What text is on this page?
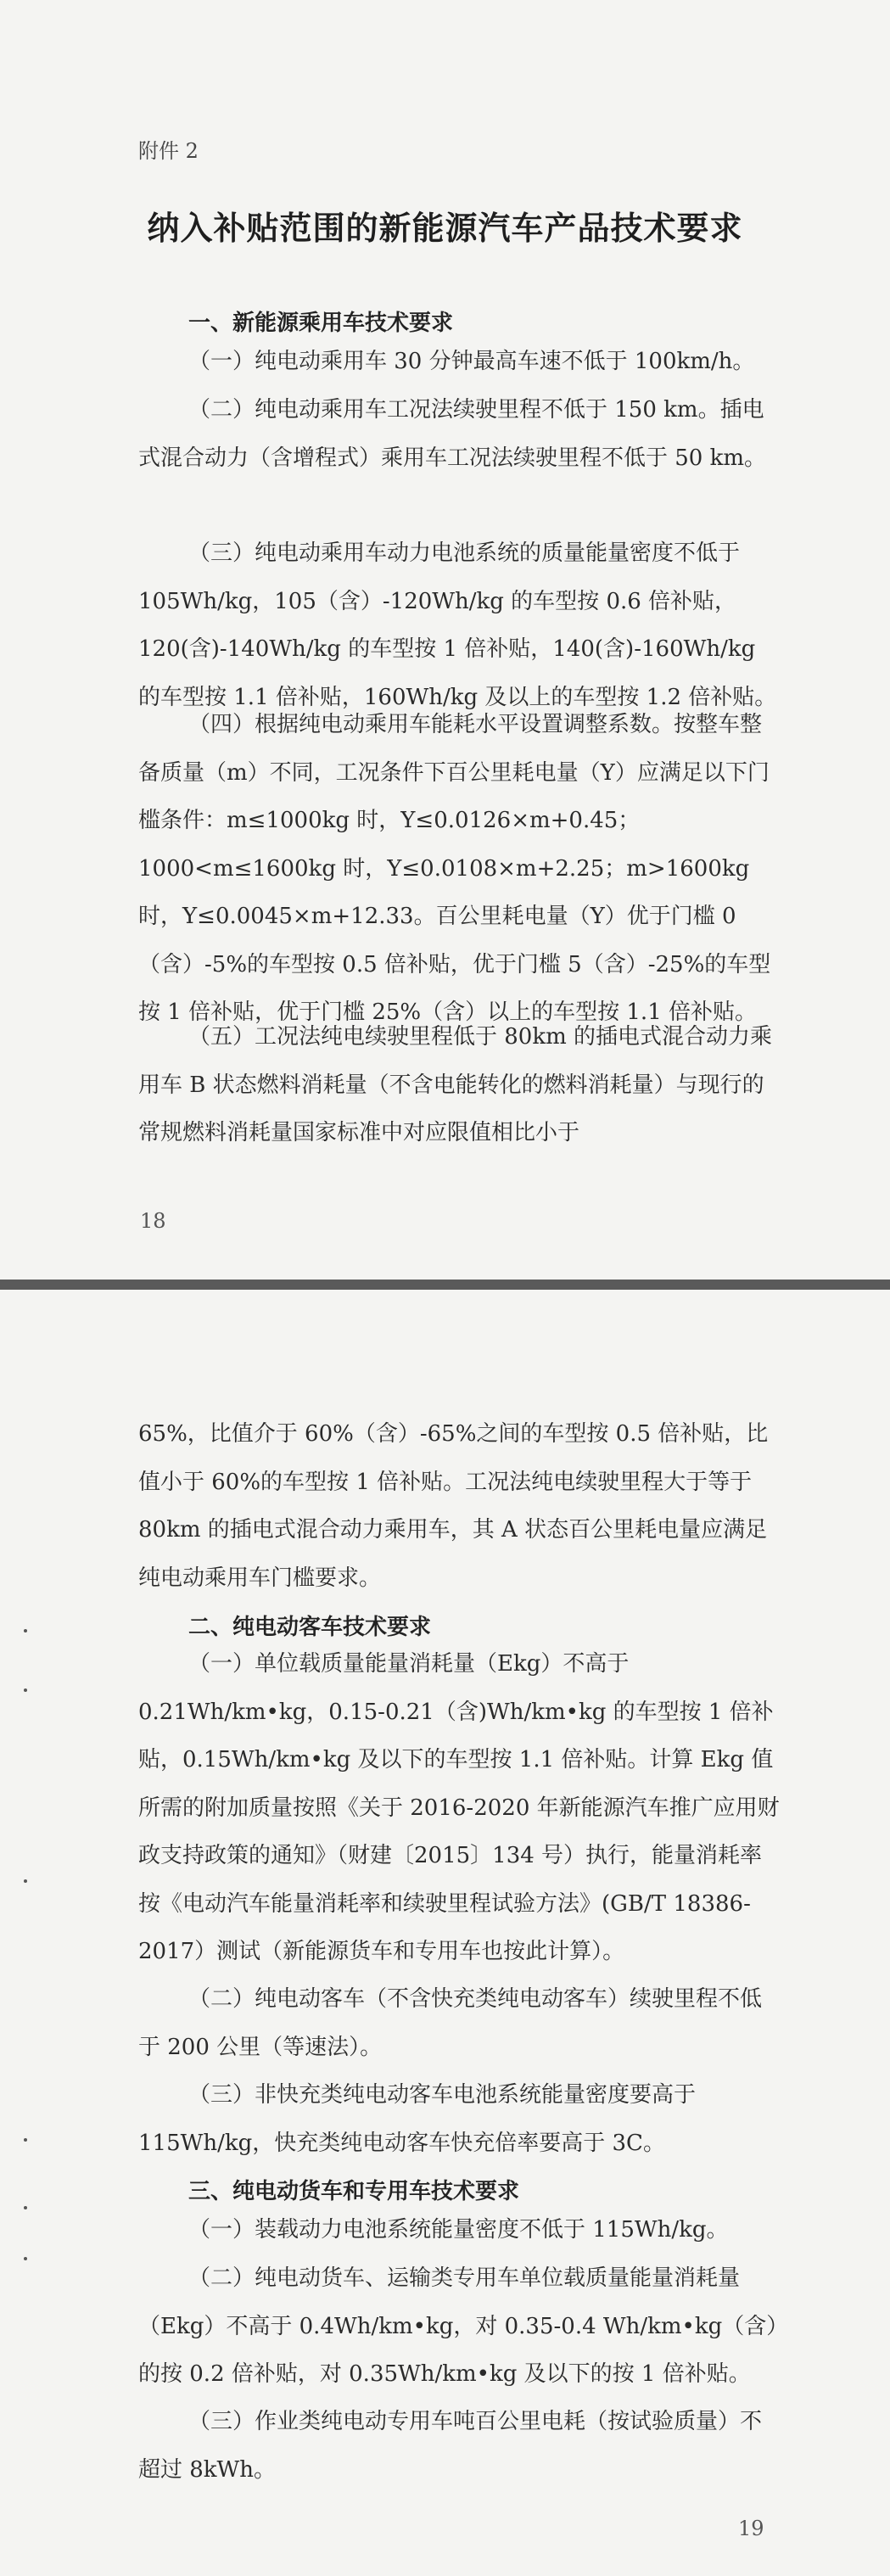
附件 2
纳入补贴范围的新能源汽车产品技术要求
一、新能源乘用车技术要求
（一）纯电动乘用车 30 分钟最高车速不低于 100km/h。
（二）纯电动乘用车工况法续驶里程不低于 150 km。插电式混合动力（含增程式）乘用车工况法续驶里程不低于 50 km。
（三）纯电动乘用车动力电池系统的质量能量密度不低于 105Wh/kg，105（含）-120Wh/kg 的车型按 0.6 倍补贴，120(含)-140Wh/kg 的车型按 1 倍补贴，140(含)-160Wh/kg 的车型按 1.1 倍补贴，160Wh/kg 及以上的车型按 1.2 倍补贴。
（四）根据纯电动乘用车能耗水平设置调整系数。按整车整备质量（m）不同，工况条件下百公里耗电量（Y）应满足以下门槛条件：m≤1000kg 时，Y≤0.0126×m+0.45；1000<m≤1600kg 时，Y≤0.0108×m+2.25；m>1600kg 时，Y≤0.0045×m+12.33。百公里耗电量（Y）优于门槛 0（含）-5%的车型按 0.5 倍补贴，优于门槛 5（含）-25%的车型按 1 倍补贴，优于门槛 25%（含）以上的车型按 1.1 倍补贴。
（五）工况法纯电续驶里程低于 80km 的插电式混合动力乘用车 B 状态燃料消耗量（不含电能转化的燃料消耗量）与现行的常规燃料消耗量国家标准中对应限值相比小于
18
65%，比值介于 60%（含）-65%之间的车型按 0.5 倍补贴，比值小于 60%的车型按 1 倍补贴。工况法纯电续驶里程大于等于 80km 的插电式混合动力乘用车，其 A 状态百公里耗电量应满足纯电动乘用车门槛要求。
二、纯电动客车技术要求
（一）单位载质量能量消耗量（Ekg）不高于 0.21Wh/km•kg，0.15-0.21（含)Wh/km•kg 的车型按 1 倍补贴，0.15Wh/km•kg 及以下的车型按 1.1 倍补贴。计算 Ekg 值所需的附加质量按照《关于 2016-2020 年新能源汽车推广应用财政支持政策的通知》（财建〔2015〕134 号）执行，能量消耗率按《电动汽车能量消耗率和续驶里程试验方法》(GB/T 18386-2017）测试（新能源货车和专用车也按此计算）。
（二）纯电动客车（不含快充类纯电动客车）续驶里程不低于 200 公里（等速法）。
（三）非快充类纯电动客车电池系统能量密度要高于 115Wh/kg，快充类纯电动客车快充倍率要高于 3C。
三、纯电动货车和专用车技术要求
（一）装载动力电池系统能量密度不低于 115Wh/kg。
（二）纯电动货车、运输类专用车单位载质量能量消耗量（Ekg）不高于 0.4Wh/km•kg，对 0.35-0.4 Wh/km•kg（含）的按 0.2 倍补贴，对 0.35Wh/km•kg 及以下的按 1 倍补贴。
（三）作业类纯电动专用车吨百公里电耗（按试验质量）不超过 8kWh。
19
